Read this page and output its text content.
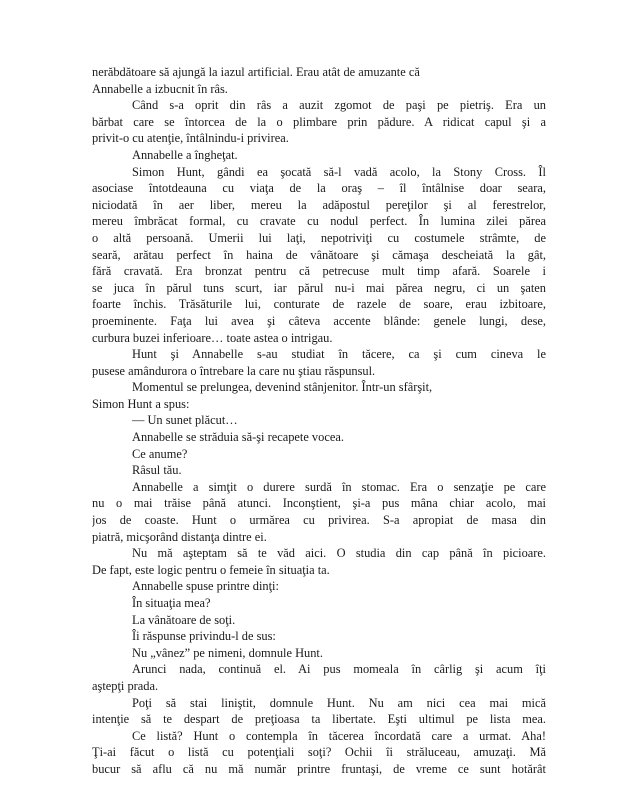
nerăbdătoare să ajungă la iazul artificial. Erau atât de amuzante că
Annabelle a izbucnit în râs.
Când s-a oprit din râs a auzit zgomot de paşi pe pietriş. Era un
bărbat care se întorcea de la o plimbare prin pădure. A ridicat capul şi a
privit-o cu atenţie, întâlnindu-i privirea.
Annabelle a îngheţat.
Simon Hunt, gândi ea şocată să-l vadă acolo, la Stony Cross. Îl
asociase întotdeauna cu viaţa de la oraş – îl întâlnise doar seara,
niciodată în aer liber, mereu la adăpostul pereţilor şi al ferestrelor,
mereu îmbrăcat formal, cu cravate cu nodul perfect. În lumina zilei părea
o altă persoană. Umerii lui laţi, nepotriviţi cu costumele strâmte, de
seară, arătau perfect în haina de vânătoare şi cămaşa descheiată la gât,
fără cravată. Era bronzat pentru că petrecuse mult timp afară. Soarele i
se juca în părul tuns scurt, iar părul nu-i mai părea negru, ci un şaten
foarte închis. Trăsăturile lui, conturate de razele de soare, erau izbitoare,
proeminente. Faţa lui avea şi câteva accente blânde: genele lungi, dese,
curbura buzei inferioare… toate astea o intrigau.
Hunt şi Annabelle s-au studiat în tăcere, ca şi cum cineva le
pusese amândurora o întrebare la care nu ştiau răspunsul.
Momentul se prelungea, devenind stânjenitor. Într-un sfârşit,
Simon Hunt a spus:
— Un sunet plăcut…
Annabelle se străduia să-şi recapete vocea.
Ce anume?
Râsul tău.
Annabelle a simţit o durere surdă în stomac. Era o senzaţie pe care
nu o mai trăise până atunci. Inconştient, şi-a pus mâna chiar acolo, mai
jos de coaste. Hunt o urmărea cu privirea. S-a apropiat de masa din
piatră, micşorând distanţa dintre ei.
Nu mă aşteptam să te văd aici. O studia din cap până în picioare.
De fapt, este logic pentru o femeie în situaţia ta.
Annabelle spuse printre dinţi:
În situaţia mea?
La vânătoare de soţi.
Îi răspunse privindu-l de sus:
Nu „vânez” pe nimeni, domnule Hunt.
Arunci nada, continuă el. Ai pus momeala în cârlig şi acum îţi
aştepţi prada.
Poţi să stai liniştit, domnule Hunt. Nu am nici cea mai mică
intenţie să te despart de preţioasa ta libertate. Eşti ultimul pe lista mea.
Ce listă? Hunt o contempla în tăcerea încordată care a urmat. Aha!
Ţi-ai făcut o listă cu potenţiali soţi? Ochii îi străluceau, amuzaţi. Mă
bucur să aflu că nu mă număr printre fruntaşi, de vreme ce sunt hotărât
